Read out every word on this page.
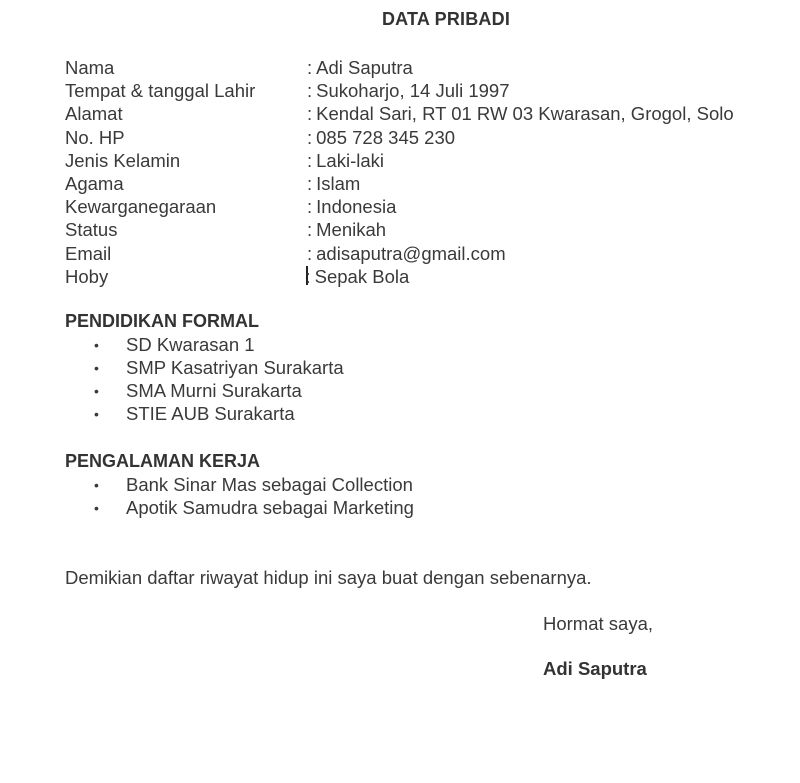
DATA PRIBADI
Nama	: Adi Saputra
Tempat & tanggal Lahir	: Sukoharjo, 14 Juli 1997
Alamat	: Kendal Sari, RT 01 RW 03 Kwarasan, Grogol, Solo
No. HP	: 085 728 345 230
Jenis Kelamin	: Laki-laki
Agama	: Islam
Kewarganegaraan	: Indonesia
Status	: Menikah
Email	: adisaputra@gmail.com
Hoby	: Sepak Bola
PENDIDIKAN FORMAL
• SD Kwarasan 1
• SMP Kasatriyan Surakarta
• SMA Murni Surakarta
• STIE AUB Surakarta
PENGALAMAN KERJA
• Bank Sinar Mas sebagai Collection
• Apotik Samudra sebagai Marketing
Demikian daftar riwayat hidup ini saya buat dengan sebenarnya.
Hormat saya,
Adi Saputra
